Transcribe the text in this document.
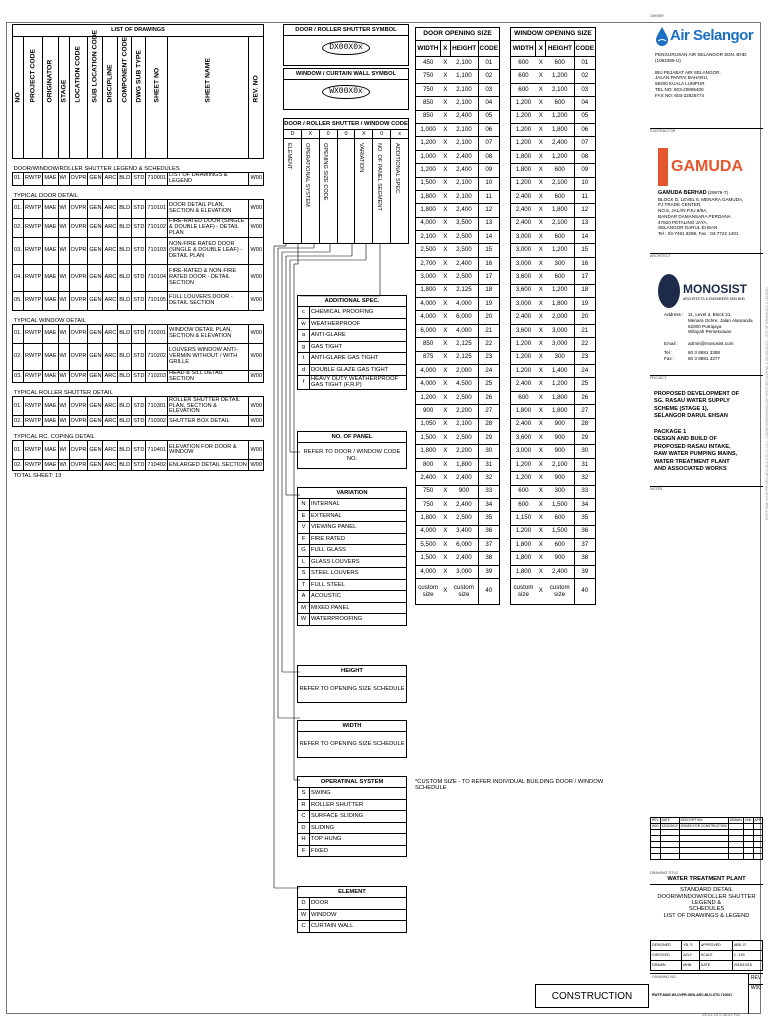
LIST OF DRAWINGS											

NO	PROJECT CODE	ORIGINATOR	STAGE	LOCATION CODE	SUB LOCATION CODE	DISCIPLINE	COMPONENT CODE	DWG SUB TYPE	SHEET NO	SHEET NAME	REV. NO

DOOR/WINDOW/ROLLER SHUTTER LEGEND & SCHEDULES											
01.	RWTP	MAE	WI	OVPR	GEN	ARC	BLD	STD	710001	LIST OF DRAWINGS & LEGEND	W00
TYPICAL DOOR DETAIL											
01.	RWTP	MAE	WI	OVPR	GEN	ARC	BLD	STD	710101	DOOR DETAIL PLAN, SECTION & ELEVATION	W00
02.	RWTP	MAE	WI	OVPR	GEN	ARC	BLD	STD	710102	FIRE-RATED DOOR (SINGLE & DOUBLE LEAF) - DETAIL PLAN	W00
03.	RWTP	MAE	WI	OVPR	GEN	ARC	BLD	STD	710103	NON-FIRE RATED DOOR (SINGLE & DOUBLE LEAF) - DETAIL PLAN	W00
04.	RWTP	MAE	WI	OVPR	GEN	ARC	BLD	STD	710104	FIRE-RATED & NON-FIRE RATED DOOR - DETAIL SECTION	W00
05.	RWTP	MAE	WI	OVPR	GEN	ARC	BLD	STD	710105	FULL LOUVERS DOOR - DETAIL SECTION	W00
TYPICAL WINDOW DETAIL											
01.	RWTP	MAE	WI	OVPR	GEN	ARC	BLD	STD	710201	WINDOW DETAIL PLAN, SECTION & ELEVATION	W00
02.	RWTP	MAE	WI	OVPR	GEN	ARC	BLD	STD	710202	LOUVERS WINDOW ANTI-VERMIN WITHOUT / WITH GRILLE	W00
03.	RWTP	MAE	WI	OVPR	GEN	ARC	BLD	STD	710203	HEAD & SILL DETAIL SECTION	W00
TYPICAL ROLLER SHUTTER DETAIL											
01.	RWTP	MAE	WI	OVPR	GEN	ARC	BLD	STD	710301	ROLLER SHUTTER DETAIL PLAN, SECTION & ELEVATION	W00
02.	RWTP	MAE	WI	OVPR	GEN	ARC	BLD	STD	710302	SHUTTER BOX DETAIL	W00
TYPICAL RC. COPING DETAIL											
01.	RWTP	MAE	WI	OVPR	GEN	ARC	BLD	STD	710401	ELEVATION FOR DOOR & WINDOW	W00
02.	RWTP	MAE	WI	OVPR	GEN	ARC	BLD	STD	710402	ENLARGED DETAIL SECTION	W00
TOTAL SHEET: 13											
DOOR / ROLLER SHUTTER SYMBOL
DX00X0x
WINDOW / CURTAIN WALL SYMBOL
WX00X0x
DOOR / ROLLER SHUTTER / WINDOW CODE
D	X	0	0	X	0	x
ELEMENT OPERATIONAL SYSTEM OPENING SIZE CODE	VARIATION NO. OF PANEL SEGMENT ADDITIONAL SPEC.
ADDITIONAL SPEC.	
c	CHEMICAL PROOFING
w	WEATHERPROOF
a	ANTI-GLARE
g	GAS TIGHT
t	ANTI-GLARE GAS TIGHT
d	DOUBLE GLAZE GAS TIGHT
f	HEAVY DUTY WEATHERPROOF GAS TIGHT (F.R.P)
NO. OF PANEL
REFER TO DOOR / WINDOW CODE NO.
VARIATION	
N	INTERNAL
E	EXTERNAL
V	VIEWING PANEL
F	FIRE RATED
G	FULL GLASS
L	GLASS LOUVERS
S	STEEL LOUVERS
T	FULL STEEL
A	ACOUSTIC
M	MIXED PANEL
W	WATERPROOFING
HEIGHT
REFER TO OPENING SIZE SCHEDULE
WIDTH
REFER TO OPENING SIZE SCHEDULE
OPERATINAL SYSTEM	
S	SWING
R	ROLLER SHUTTER
C	SURFACE SLIDING
D	SLIDING
H	TOP HUNG
F	FIXED
ELEMENT	
D	DOOR
W	WINDOW
C	CURTAIN WALL
DOOR OPENING SIZE			
WIDTH	X	HEIGHT	CODE
450	X	2,100	01
750	X	1,100	02
750	X	2,100	03
850	X	2,100	04
850	X	2,400	05
1,000	X	2,100	06
1,200	X	2,100	07
1,000	X	2,400	08
1,200	X	2,400	09
1,500	X	2,100	10
1,800	X	2,100	11
1,800	X	2,400	12
4,000	X	3,500	13
2,100	X	2,500	14
2,500	X	2,500	15
2,700	X	2,400	16
3,000	X	2,500	17
1,800	X	2,125	18
4,000	X	4,000	19
4,000	X	6,000	20
6,000	X	4,000	21
850	X	2,125	22
875	X	2,125	23
4,000	X	2,000	24
4,000	X	4,500	25
1,200	X	2,500	26
900	X	2,200	27
1,050	X	2,100	28
1,500	X	2,500	29
1,800	X	2,200	30
800	X	1,800	31
2,400	X	2,400	32
750	X	900	33
750	X	2,400	34
1,800	X	2,500	35
4,000	X	3,400	36
5,500	X	6,000	37
1,500	X	2,400	38
4,000	X	3,000	39
custom size	X	custom size	40
WINDOW OPENING SIZE			
WIDTH	X	HEIGHT	CODE
600	X	600	01
600	X	1,200	02
600	X	2,100	03
1,200	X	600	04
1,200	X	1,200	05
1,200	X	1,800	06
1,200	X	2,400	07
1,800	X	1,200	08
1,800	X	600	09
1,200	X	2,100	10
2,400	X	600	11
2,400	X	1,800	12
2,400	X	2,100	13
3,000	X	600	14
3,000	X	1,200	15
3,000	X	300	16
3,600	X	600	17
3,600	X	1,200	18
3,000	X	1,800	19
2,400	X	2,000	20
3,600	X	3,000	21
1,200	X	3,000	22
1,200	X	300	23
1,200	X	1,400	24
2,400	X	1,200	25
600	X	1,800	26
1,800	X	1,800	27
2,400	X	900	28
3,600	X	900	29
3,000	X	900	30
1,200	X	2,100	31
1,200	X	900	32
600	X	300	33
600	X	1,500	34
1,150	X	600	35
1,200	X	1,500	36
1,800	X	600	37
1,800	X	900	38
1,800	X	2,400	39
custom size	X	custom size	40
*CUSTOM SIZE - TO REFER INDIVIDUAL BUILDING DOOR / WINDOW SCHEDULE
OWNER
Air Selangor
PENGURUSAN AIR SELANGOR SDN. BHD.
(1082296-U)

IBU PEJABAT AIR SELANGOR,
JALAN PANTAI BAHARU,
59200 KUALA LUMPUR
TEL NO: 603-20885400
FAX NO: 603-22825774
CONTRACTOR
GAMUDA
GAMUDA BERHAD (29579-T)
BLOCK D, LEVEL 6, MENARA GAMUDA,
PJ TRADE CENTER,
NO.8, JALAN PJU 8/8A,
BANDAR DAMANSARA PERDANA
47820 PETALING JAYA,
SELANGOR DARUL EHSAN
Tel : 03-7491 8288, Fax : 03-7722 1401
ARCHITECT
MONOSIST
ARCHITECTS & ENGINEERS SDN BHD
Address : 11, Level 3, Block 21,
Menara Ochre, Jalan Alamanda
62000 Putrajaya
Wilayah Persekutuan
Email :	admin@monosist.com
Tel :	60 3 8881 3388
Fax :	60 3 8881 3377
PROJECT
PROPOSED DEVELOPMENT OF
SG. RASAU WATER SUPPLY
SCHEME (STAGE 1),
SELANGOR DARUL EHSAN

PACKAGE 1
DESIGN AND BUILD OF
PROPOSED RASAU INTAKE,
RAW WATER PUMPING MAINS,
WATER TREATMENT PLANT
AND ASSOCIATED WORKS
NOTES
REV	DATE	DESCRIPTION	DRAWN	CHK	APP
W00	12/02/2019	ISSUED FOR CONSTRUCTION			

DRAWING TITLE
WATER TREATMENT PLANT
STANDARD DETAIL
DOOR/WINDOW/ROLLER SHUTTER LEGEND &
SCHEDULES
LIST OF DRAWINGS & LEGEND
DESIGNED	YB. S	APPROVED	ABD. R
CHECKED	AZLY	SCALE	1 : 100
DRAWN	MHB	DATE	2018/10/18
DRAWING NO.
RWTP-MAE-WI-OVPR-GEN-ARC-BLD-STD-710001
REV
W00
CONSTRUCTION
29-01-19 2.08.51 PM
RWTP-MAE-WI-OVPR-GEN-ARC-BLD-STD-710001 - DOOR/WINDOW/ROLLER SHUTTER LEGEND & SCHEDULES - LIST OF DRAWINGS & LEGEND
